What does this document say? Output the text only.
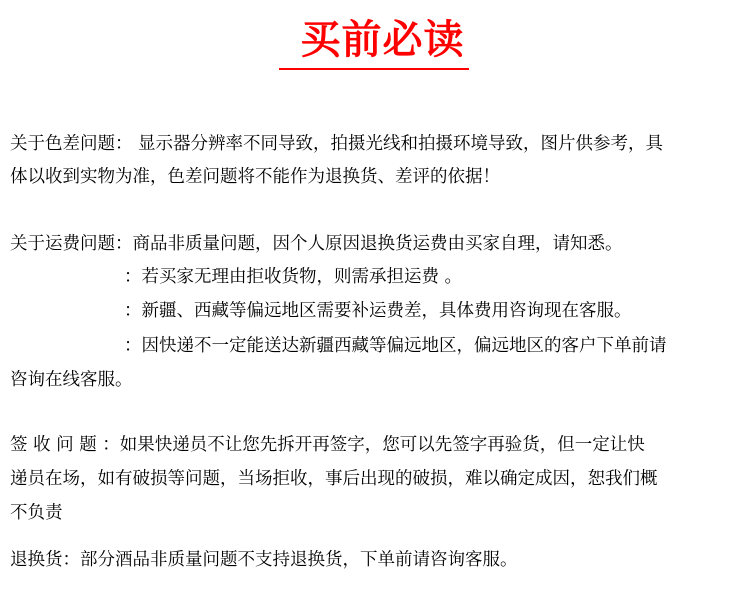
买前必读
关于色差问题： 显示器分辨率不同导致，拍摄光线和拍摄环境导致，图片供参考，具
体以收到实物为准，色差问题将不能作为退换货、差评的依据！
关于运费问题：商品非质量问题，因个人原因退换货运费由买家自理，请知悉。
：若买家无理由拒收货物，则需承担运费 。
：新疆、西藏等偏远地区需要补运费差，具体费用咨询现在客服。
：因快递不一定能送达新疆西藏等偏远地区，偏远地区的客户下单前请
咨询在线客服。
签 收 问 题 ：如果快递员不让您先拆开再签字，您可以先签字再验货，但一定让快
递员在场，如有破损等问题，当场拒收，事后出现的破损，难以确定成因，恕我们概
不负责
退换货：部分酒品非质量问题不支持退换货，下单前请咨询客服。
